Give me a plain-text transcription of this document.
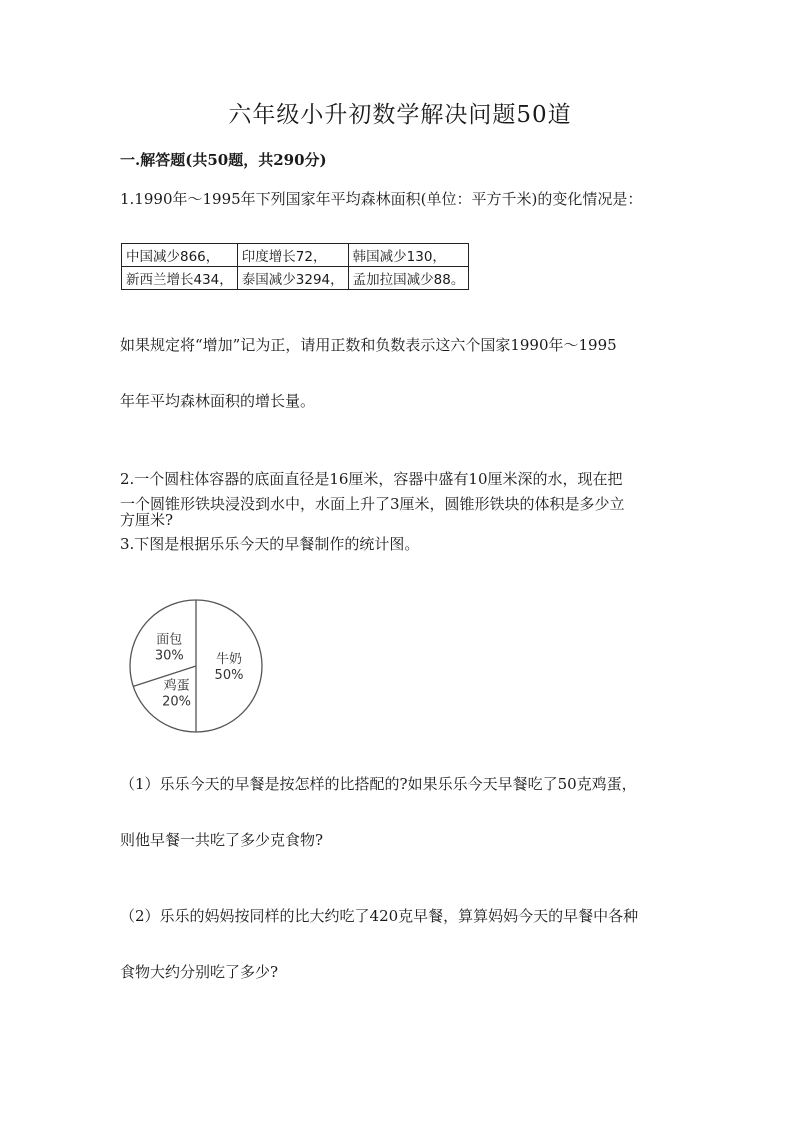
六年级小升初数学解决问题50道
一.解答题(共50题，共290分)
1.1990年～1995年下列国家年平均森林面积(单位：平方千米)的变化情况是：
中国减少866，	印度增长72，	韩国减少130，
新西兰增长434，	泰国减少3294，	孟加拉国减少88。
如果规定将“增加”记为正，请用正数和负数表示这六个国家1990年～1995
年年平均森林面积的增长量。
2.一个圆柱体容器的底面直径是16厘米，容器中盛有10厘米深的水，现在把
一个圆锥形铁块浸没到水中，水面上升了3厘米，圆锥形铁块的体积是多少立
方厘米?
3.下图是根据乐乐今天的早餐制作的统计图。
牛奶
50%
鸡蛋
20%
面包
30%
（1）乐乐今天的早餐是按怎样的比搭配的?如果乐乐今天早餐吃了50克鸡蛋，
则他早餐一共吃了多少克食物?
（2）乐乐的妈妈按同样的比大约吃了420克早餐，算算妈妈今天的早餐中各种
食物大约分别吃了多少?
